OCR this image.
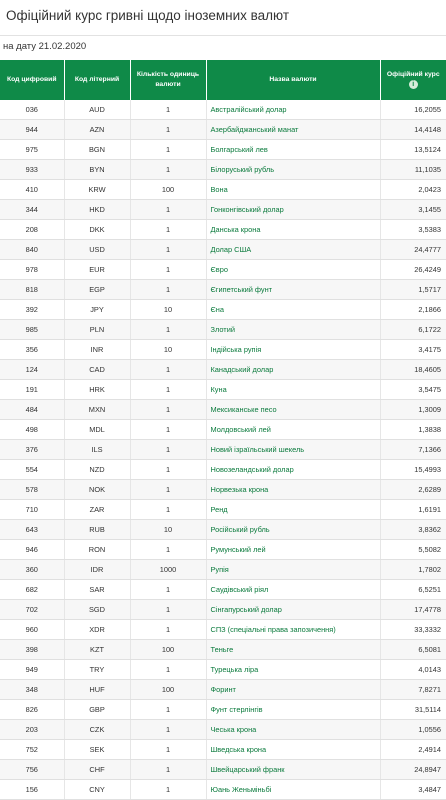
Офіційний курс гривні щодо іноземних валют
на дату 21.02.2020
Код цифровий	Код літерний	Кількість одиниць валюти	Назва валюти	Офіційний курс
i
036	AUD	1	Австралійський долар	16,2055
944	AZN	1	Азербайджанський манат	14,4148
975	BGN	1	Болгарський лев	13,5124
933	BYN	1	Білоруський рубль	11,1035
410	KRW	100	Вона	2,0423
344	HKD	1	Гонконгівський долар	3,1455
208	DKK	1	Данська крона	3,5383
840	USD	1	Долар США	24,4777
978	EUR	1	Євро	26,4249
818	EGP	1	Єгипетський фунт	1,5717
392	JPY	10	Єна	2,1866
985	PLN	1	Злотий	6,1722
356	INR	10	Індійська рупія	3,4175
124	CAD	1	Канадський долар	18,4605
191	HRK	1	Куна	3,5475
484	MXN	1	Мексиканське песо	1,3009
498	MDL	1	Молдовський лей	1,3838
376	ILS	1	Новий ізраїльський шекель	7,1366
554	NZD	1	Новозеландський долар	15,4993
578	NOK	1	Норвезька крона	2,6289
710	ZAR	1	Ренд	1,6191
643	RUB	10	Російський рубль	3,8362
946	RON	1	Румунський лей	5,5082
360	IDR	1000	Рупія	1,7802
682	SAR	1	Саудівський ріял	6,5251
702	SGD	1	Сінгапурський долар	17,4778
960	XDR	1	СПЗ (спеціальні права запозичення)	33,3332
398	KZT	100	Теньге	6,5081
949	TRY	1	Турецька ліра	4,0143
348	HUF	100	Форинт	7,8271
826	GBP	1	Фунт стерлінгів	31,5114
203	CZK	1	Чеська крона	1,0556
752	SEK	1	Шведська крона	2,4914
756	CHF	1	Швейцарський франк	24,8947
156	CNY	1	Юань Женьміньбі	3,4847
